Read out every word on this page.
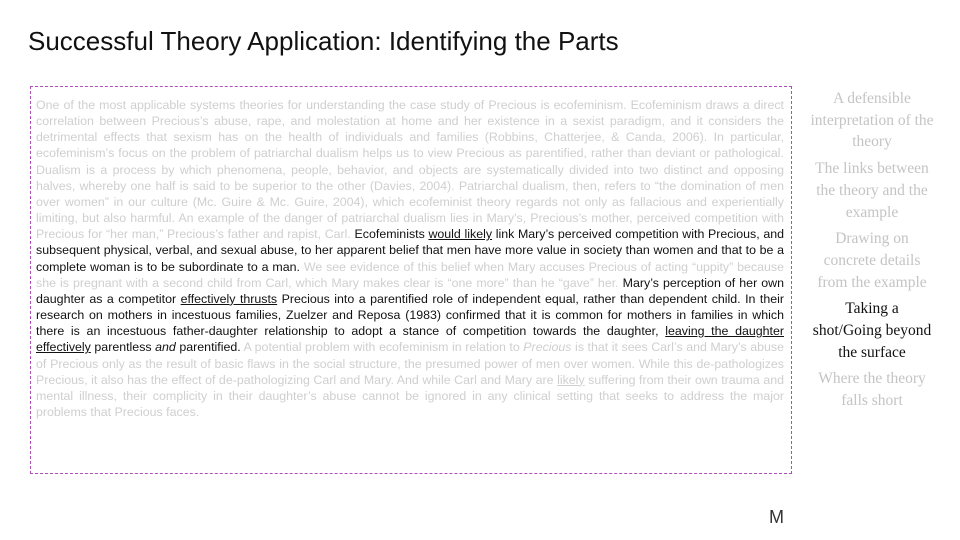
Successful Theory Application: Identifying the Parts

One of the most applicable systems theories for understanding the case study of Precious is ecofeminism. Ecofeminism draws a direct correlation between Precious’s abuse, rape, and molestation at home and her existence in a sexist paradigm, and it considers the detrimental effects that sexism has on the health of individuals and families (Robbins, Chatterjee, & Canda, 2006). In particular, ecofeminism’s focus on the problem of patriarchal dualism helps us to view Precious as parentified, rather than deviant or pathological. Dualism is a process by which phenomena, people, behavior, and objects are systematically divided into two distinct and opposing halves, whereby one half is said to be superior to the other (Davies, 2004). Patriarchal dualism, then, refers to “the domination of men over women” in our culture (Mc. Guire & Mc. Guire, 2004), which ecofeminist theory regards not only as fallacious and experientially limiting, but also harmful. An example of the danger of patriarchal dualism lies in Mary’s, Precious’s mother, perceived competition with Precious for “her man,” Precious’s father and rapist, Carl. Ecofeminists would likely link Mary’s perceived competition with Precious, and subsequent physical, verbal, and sexual abuse, to her apparent belief that men have more value in society than women and that to be a complete woman is to be subordinate to a man. We see evidence of this belief when Mary accuses Precious of acting “uppity” because she is pregnant with a second child from Carl, which Mary makes clear is “one more” than he “gave” her. Mary’s perception of her own daughter as a competitor effectively thrusts Precious into a parentified role of independent equal, rather than dependent child. In their research on mothers in incestuous families, Zuelzer and Reposa (1983) confirmed that it is common for mothers in families in which there is an incestuous father-daughter relationship to adopt a stance of competition towards the daughter, leaving the daughter effectively parentless and parentified. A potential problem with ecofeminism in relation to Precious is that it sees Carl’s and Mary’s abuse of Precious only as the result of basic flaws in the social structure, the presumed power of men over women. While this de-pathologizes Precious, it also has the effect of de-pathologizing Carl and Mary. And while Carl and Mary are likely suffering from their own trauma and mental illness, their complicity in their daughter’s abuse cannot be ignored in any clinical setting that seeks to address the major problems that Precious faces.

M
A defensible interpretation of the theory
The links between the theory and the example
Drawing on concrete details from the example
Taking a shot/Going beyond the surface
Where the theory falls short
